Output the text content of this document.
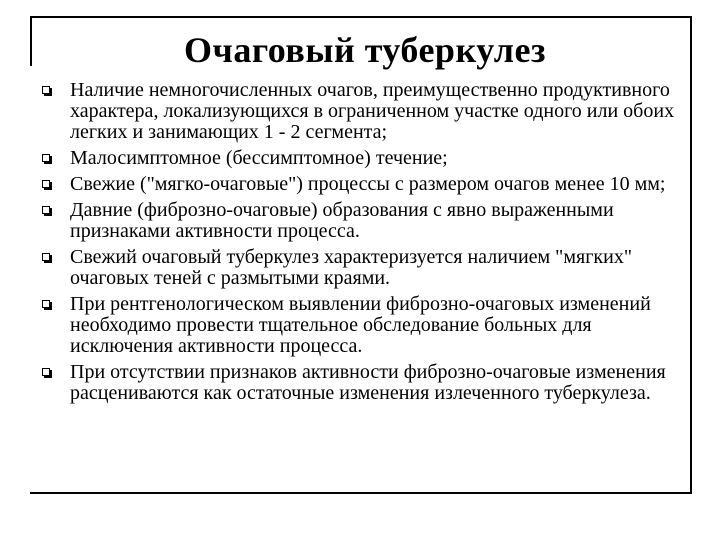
Очаговый туберкулез
Наличие немногочисленных очагов, преимущественно продуктивного характера, локализующихся в ограниченном участке одного или обоих легких и занимающих 1 - 2 сегмента;
Малосимптомное (бессимптомное) течение;
Свежие ("мягко-очаговые") процессы с размером очагов менее 10 мм;
Давние (фиброзно-очаговые) образования с явно выраженными признаками активности процесса.
Свежий очаговый туберкулез характеризуется наличием "мягких" очаговых теней с размытыми краями.
При рентгенологическом выявлении фиброзно-очаговых изменений необходимо провести тщательное обследование больных для исключения активности процесса.
При отсутствии признаков активности фиброзно-очаговые изменения расцениваются как остаточные изменения излеченного туберкулеза.
